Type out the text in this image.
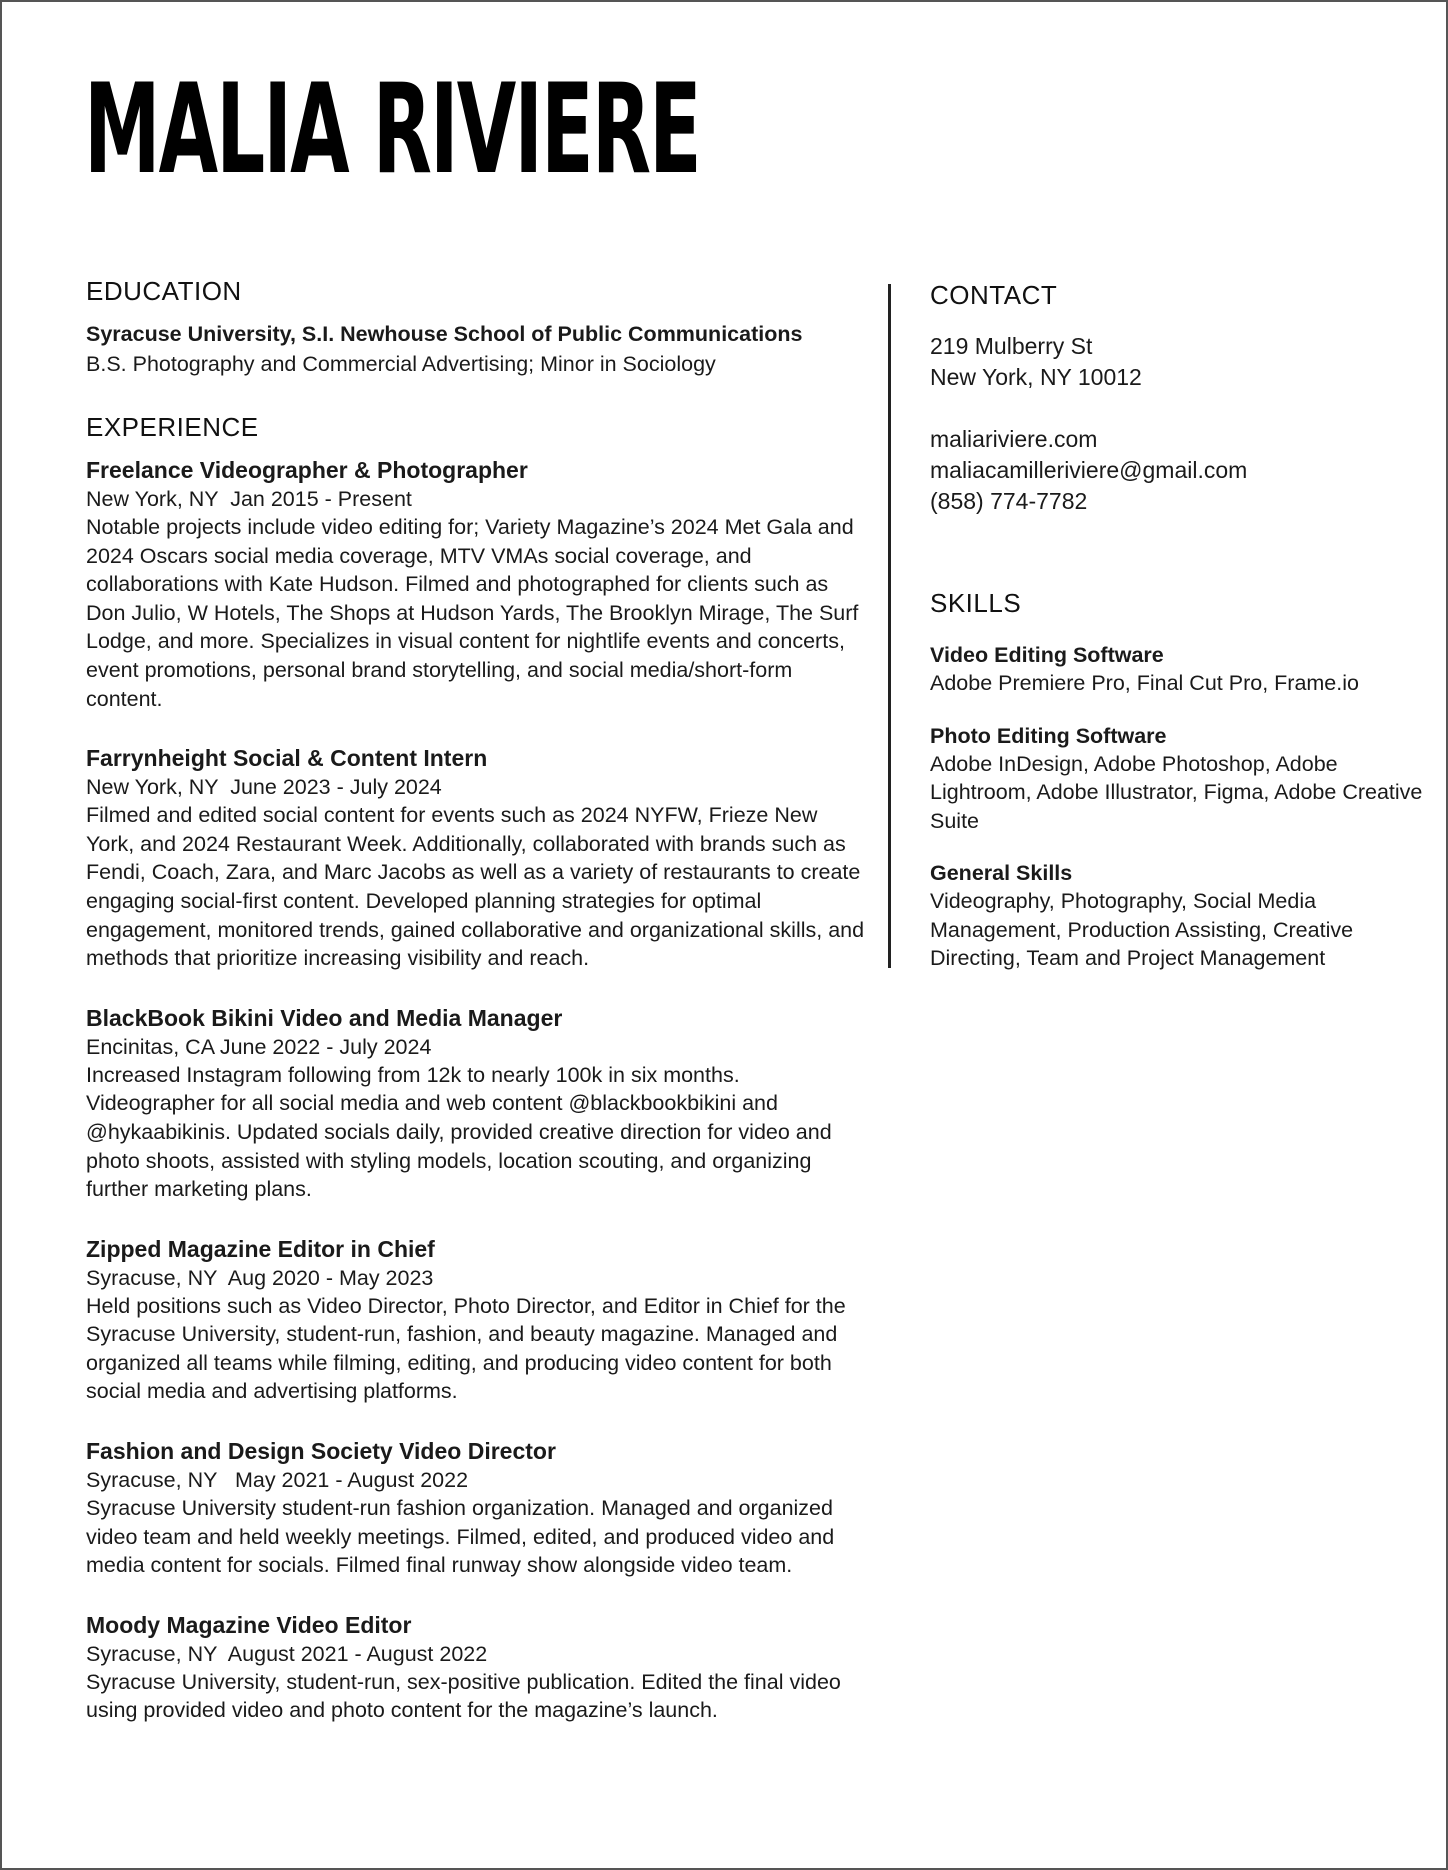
MALIA RIVIERE
EDUCATION
Syracuse University, S.I. Newhouse School of Public Communications
B.S. Photography and Commercial Advertising; Minor in Sociology
EXPERIENCE
Freelance Videographer & Photographer
New York, NY  Jan 2015 - Present
Notable projects include video editing for; Variety Magazine’s 2024 Met Gala and 2024 Oscars social media coverage, MTV VMAs social coverage, and collaborations with Kate Hudson. Filmed and photographed for clients such as Don Julio, W Hotels, The Shops at Hudson Yards, The Brooklyn Mirage, The Surf Lodge, and more. Specializes in visual content for nightlife events and concerts, event promotions, personal brand storytelling, and social media/short-form content.
Farrynheight Social & Content Intern
New York, NY  June 2023 - July 2024
Filmed and edited social content for events such as 2024 NYFW, Frieze New York, and 2024 Restaurant Week. Additionally, collaborated with brands such as Fendi, Coach, Zara, and Marc Jacobs as well as a variety of restaurants to create engaging social-first content. Developed planning strategies for optimal engagement, monitored trends, gained collaborative and organizational skills, and methods that prioritize increasing visibility and reach.
BlackBook Bikini Video and Media Manager
Encinitas, CA June 2022 - July 2024
Increased Instagram following from 12k to nearly 100k in six months. Videographer for all social media and web content @blackbookbikini and @hykaabikinis. Updated socials daily, provided creative direction for video and photo shoots, assisted with styling models, location scouting, and organizing further marketing plans.
Zipped Magazine Editor in Chief
Syracuse, NY  Aug 2020 - May 2023
Held positions such as Video Director, Photo Director, and Editor in Chief for the Syracuse University, student-run, fashion, and beauty magazine. Managed and organized all teams while filming, editing, and producing video content for both social media and advertising platforms.
Fashion and Design Society Video Director
Syracuse, NY   May 2021 - August 2022
Syracuse University student-run fashion organization. Managed and organized video team and held weekly meetings. Filmed, edited, and produced video and media content for socials. Filmed final runway show alongside video team.
Moody Magazine Video Editor
Syracuse, NY  August 2021 - August 2022
Syracuse University, student-run, sex-positive publication. Edited the final video using provided video and photo content for the magazine’s launch.
CONTACT
219 Mulberry St
New York, NY 10012
maliariviere.com
maliacamilleriviere@gmail.com
(858) 774-7782
SKILLS
Video Editing Software
Adobe Premiere Pro, Final Cut Pro, Frame.io
Photo Editing Software
Adobe InDesign, Adobe Photoshop, Adobe Lightroom, Adobe Illustrator, Figma, Adobe Creative Suite
General Skills
Videography, Photography, Social Media Management, Production Assisting, Creative Directing, Team and Project Management
